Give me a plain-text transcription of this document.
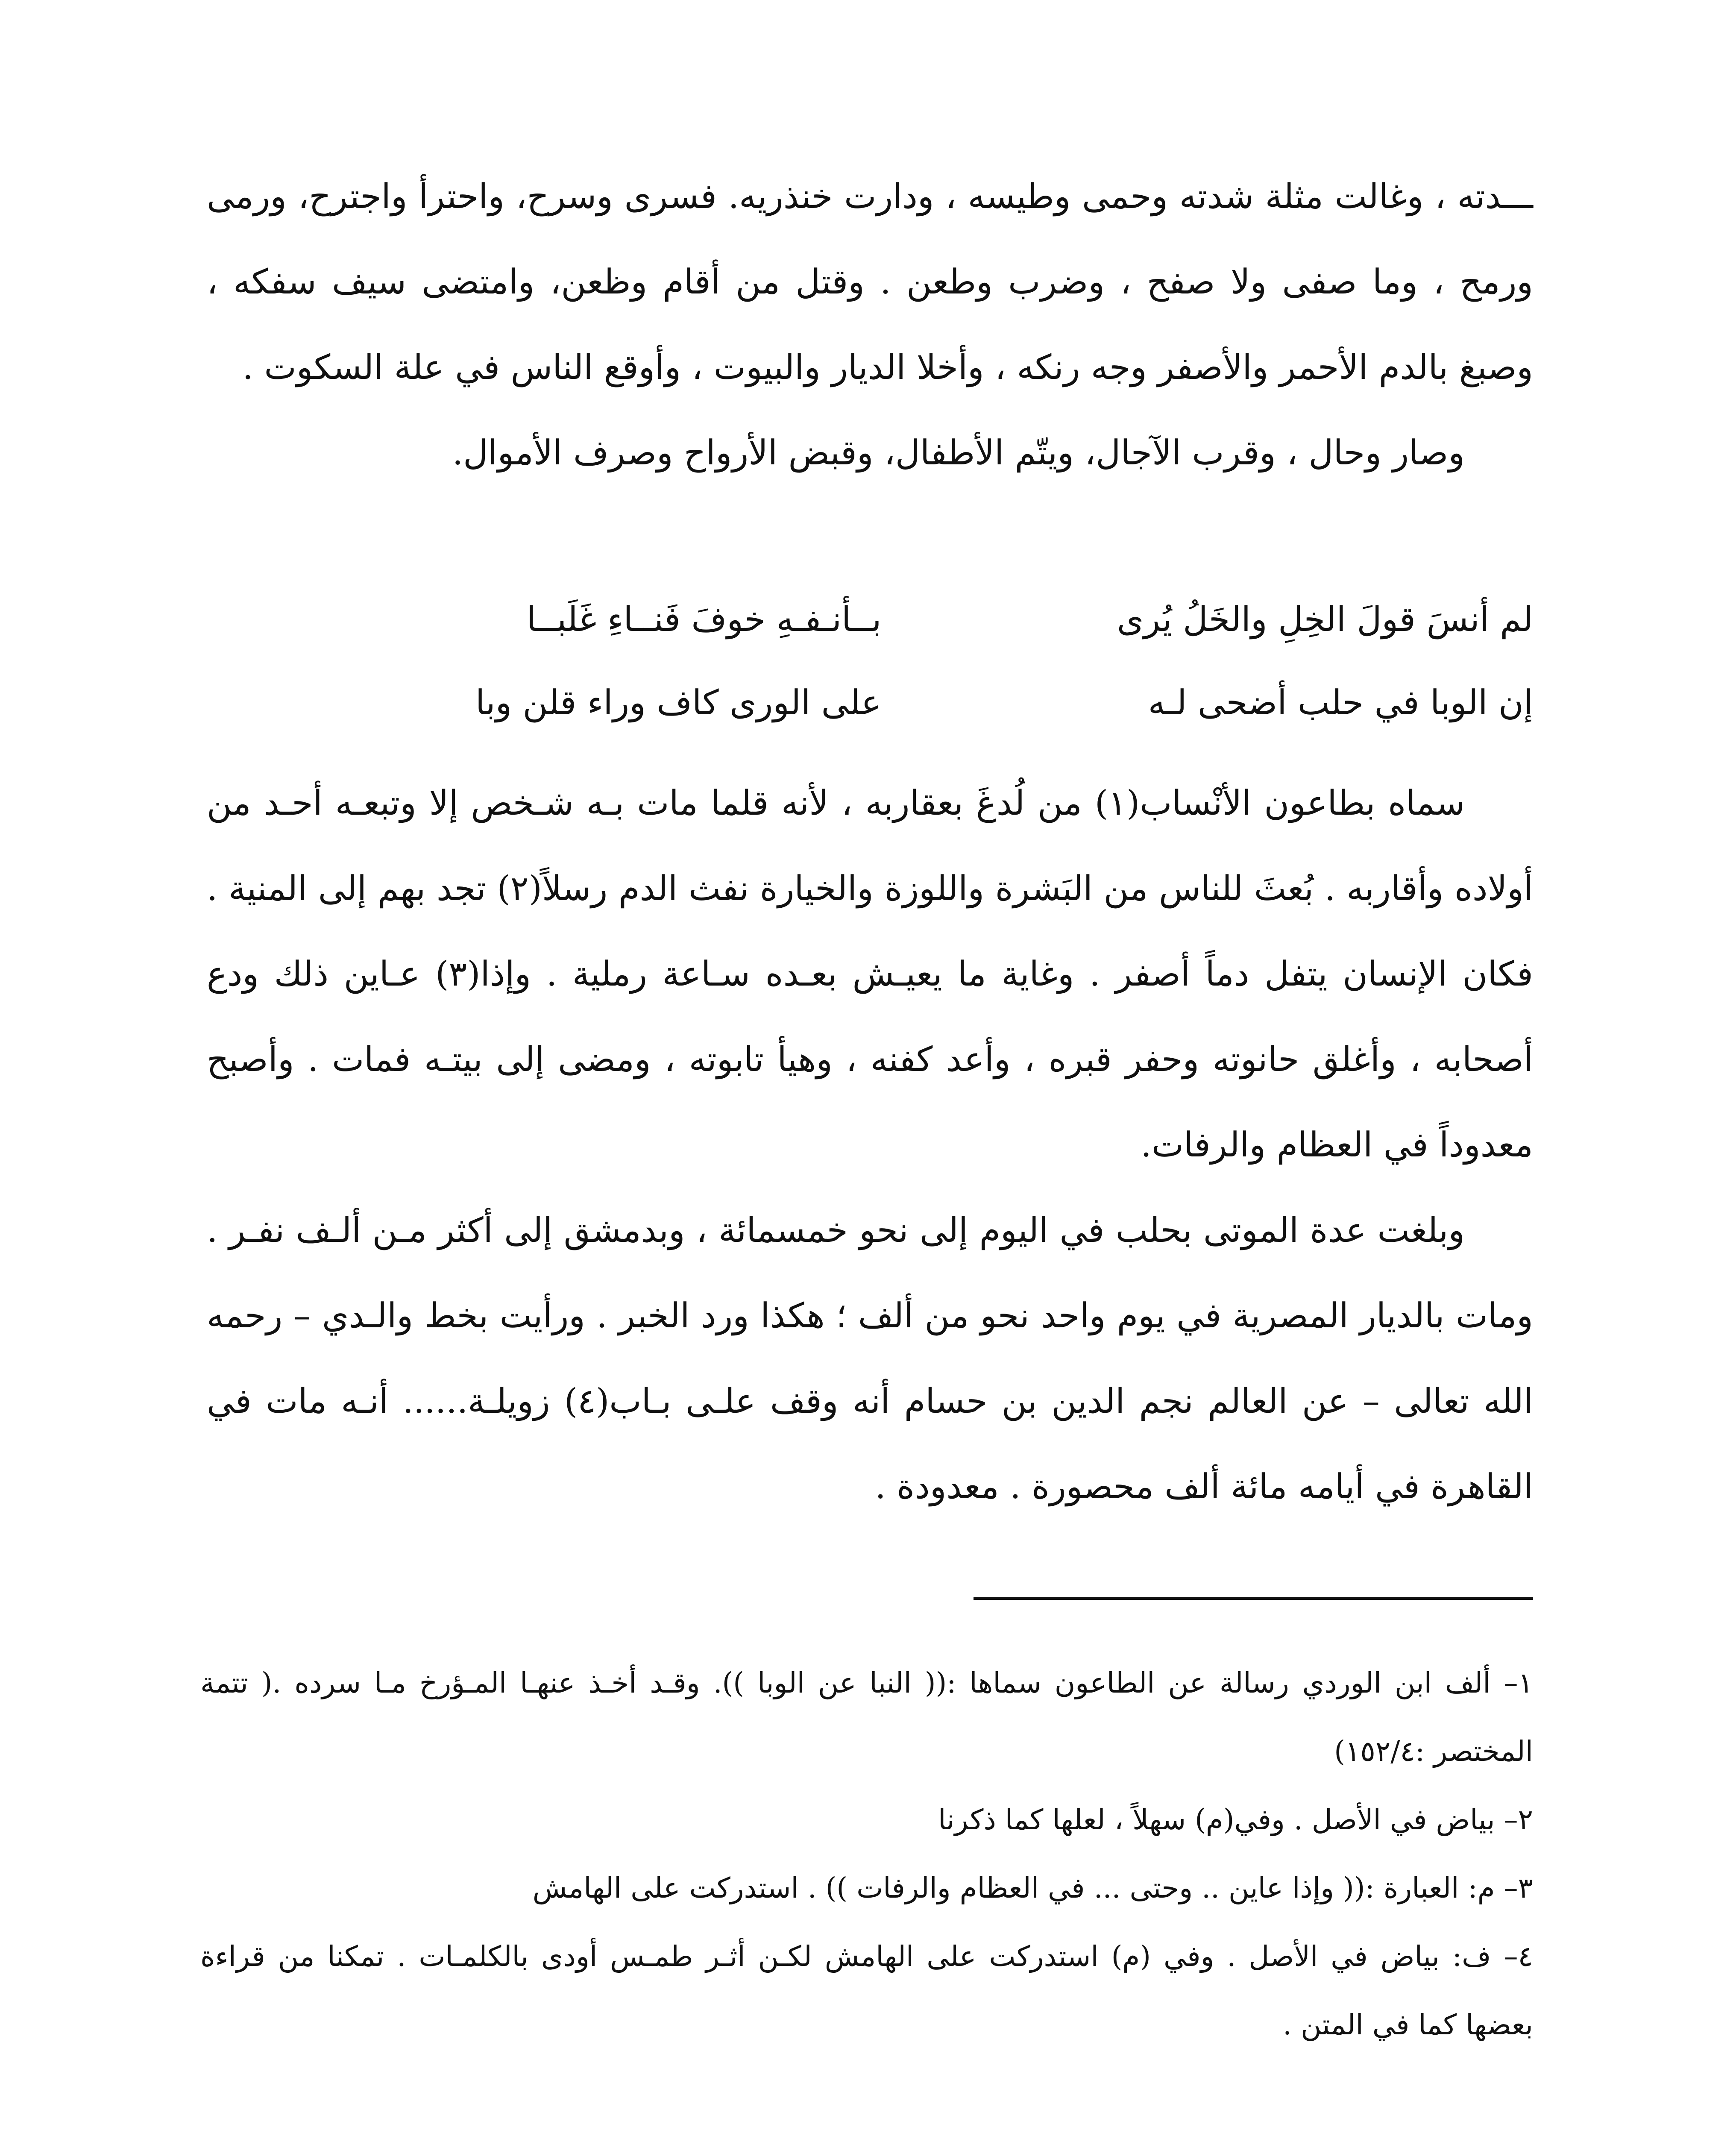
ـــدته ، وغالت مثلة شدته وحمى وطيسه ، ودارت خنذريه. فسرى وسرح، واحترأ واجترح، ورمى ورمح ، وما صفى ولا صفح ، وضرب وطعن . وقتل من أقام وظعن، وامتضى سيف سفكه ، وصبغ بالدم الأحمر والأصفر وجه رنكه ، وأخلا الديار والبيوت ، وأوقع الناس في علة السكوت .

وصار وحال ، وقرب الآجال، ويتّم الأطفال، وقبض الأرواح وصرف الأموال.

لم أنسَ قولَ الخِلِ والخَلُ يُرى بــأنـفـهِ خوفَ فَنــاءِ غَلَبــا
إن الوبا في حلب أضحى لـه على الورى كاف وراء قلن وبا

سماه بطاعون الأنْساب(١) من لُدغَ بعقاربه ، لأنه قلما مات بـه شـخص إلا وتبعـه أحـد من أولاده وأقاربه . بُعثَ للناس من البَشرة واللوزة والخيارة نفث الدم رسلاً(٢) تجد بهم إلى المنية . فكان الإنسان يتفل دماً أصفر . وغاية ما يعيـش بعـده سـاعة رملية . وإذا(٣) عـاين ذلك ودع أصحابه ، وأغلق حانوته وحفر قبره ، وأعد كفنه ، وهيأ تابوته ، ومضى إلى بيتـه فمات . وأصبح معدوداً في العظام والرفات.

وبلغت عدة الموتى بحلب في اليوم إلى نحو خمسمائة ، وبدمشق إلى أكثر مـن ألـف نفـر . ومات بالديار المصرية في يوم واحد نحو من ألف ؛ هكذا ورد الخبر . ورأيت بخط والـدي – رحمه الله تعالى – عن العالم نجم الدين بن حسام أنه وقف علـى بـاب(٤) زويلـة...... أنـه مات في القاهرة في أيامه مائة ألف محصورة . معدودة .

١– ألف ابن الوردي رسالة عن الطاعون سماها :(( النبا عن الوبا )). وقـد أخـذ عنهـا المـؤرخ مـا سرده .( تتمة المختصر :١٥٢/٤)

٢– بياض في الأصل . وفي(م) سهلاً ، لعلها كما ذكرنا

٣– م: العبارة :(( وإذا عاين .. وحتى ... في العظام والرفات )) . استدركت على الهامش

٤– ف: بياض في الأصل . وفي (م) استدركت على الهامش لكـن أثـر طمـس أودى بالكلمـات . تمكنا من قراءة بعضها كما في المتن .
